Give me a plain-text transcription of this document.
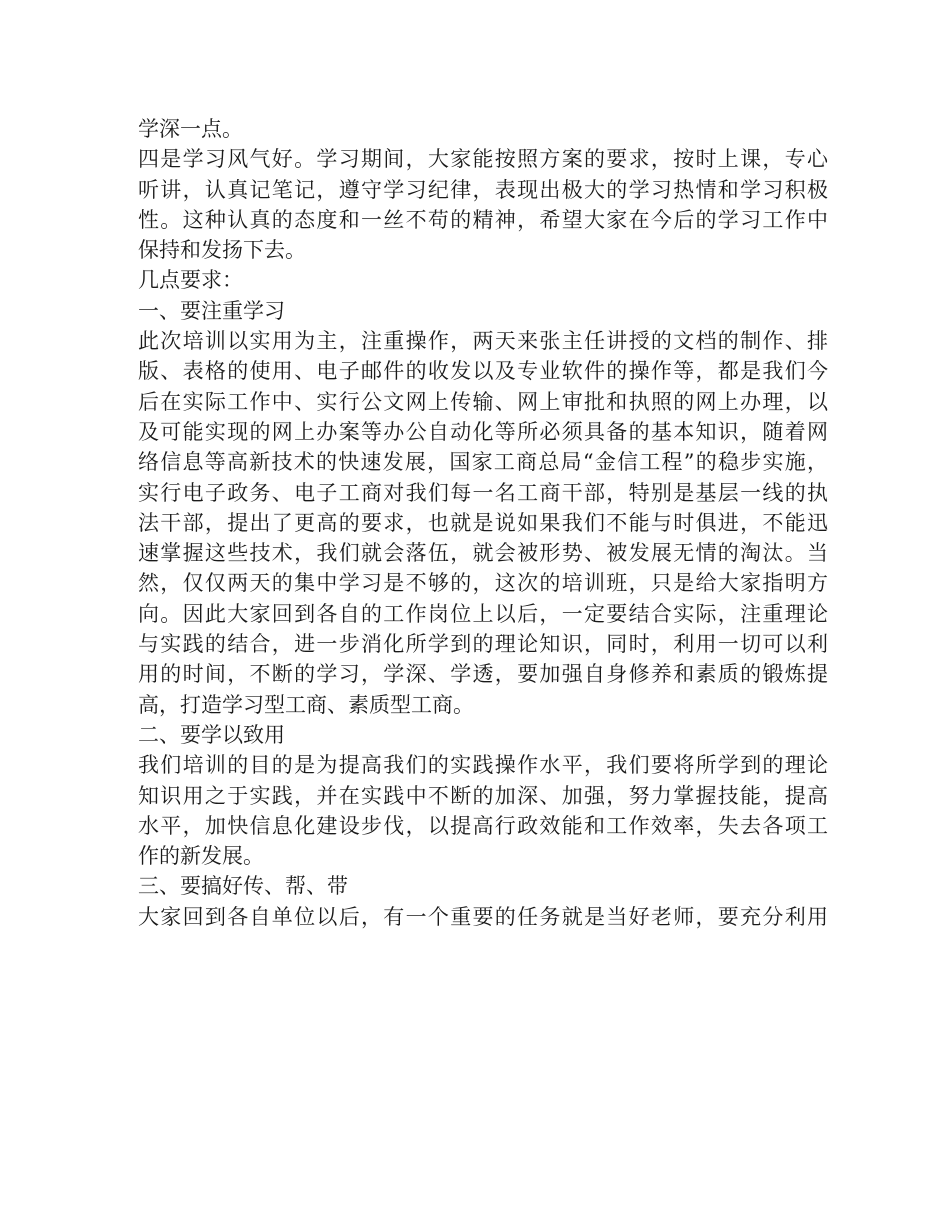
学深一点。
四是学习风气好。学习期间，大家能按照方案的要求，按时上课，专心
听讲，认真记笔记，遵守学习纪律，表现出极大的学习热情和学习积极
性。这种认真的态度和一丝不苟的精神，希望大家在今后的学习工作中
保持和发扬下去。
几点要求：
一、要注重学习
此次培训以实用为主，注重操作，两天来张主任讲授的文档的制作、排
版、表格的使用、电子邮件的收发以及专业软件的操作等，都是我们今
后在实际工作中、实行公文网上传输、网上审批和执照的网上办理，以
及可能实现的网上办案等办公自动化等所必须具备的基本知识，随着网
络信息等高新技术的快速发展，国家工商总局“金信工程”的稳步实施，
实行电子政务、电子工商对我们每一名工商干部，特别是基层一线的执
法干部，提出了更高的要求，也就是说如果我们不能与时俱进，不能迅
速掌握这些技术，我们就会落伍，就会被形势、被发展无情的淘汰。当
然，仅仅两天的集中学习是不够的，这次的培训班，只是给大家指明方
向。因此大家回到各自的工作岗位上以后，一定要结合实际，注重理论
与实践的结合，进一步消化所学到的理论知识，同时，利用一切可以利
用的时间，不断的学习，学深、学透，要加强自身修养和素质的锻炼提
高，打造学习型工商、素质型工商。
二、要学以致用
我们培训的目的是为提高我们的实践操作水平，我们要将所学到的理论
知识用之于实践，并在实践中不断的加深、加强，努力掌握技能，提高
水平，加快信息化建设步伐，以提高行政效能和工作效率，失去各项工
作的新发展。
三、要搞好传、帮、带
大家回到各自单位以后，有一个重要的任务就是当好老师，要充分利用
